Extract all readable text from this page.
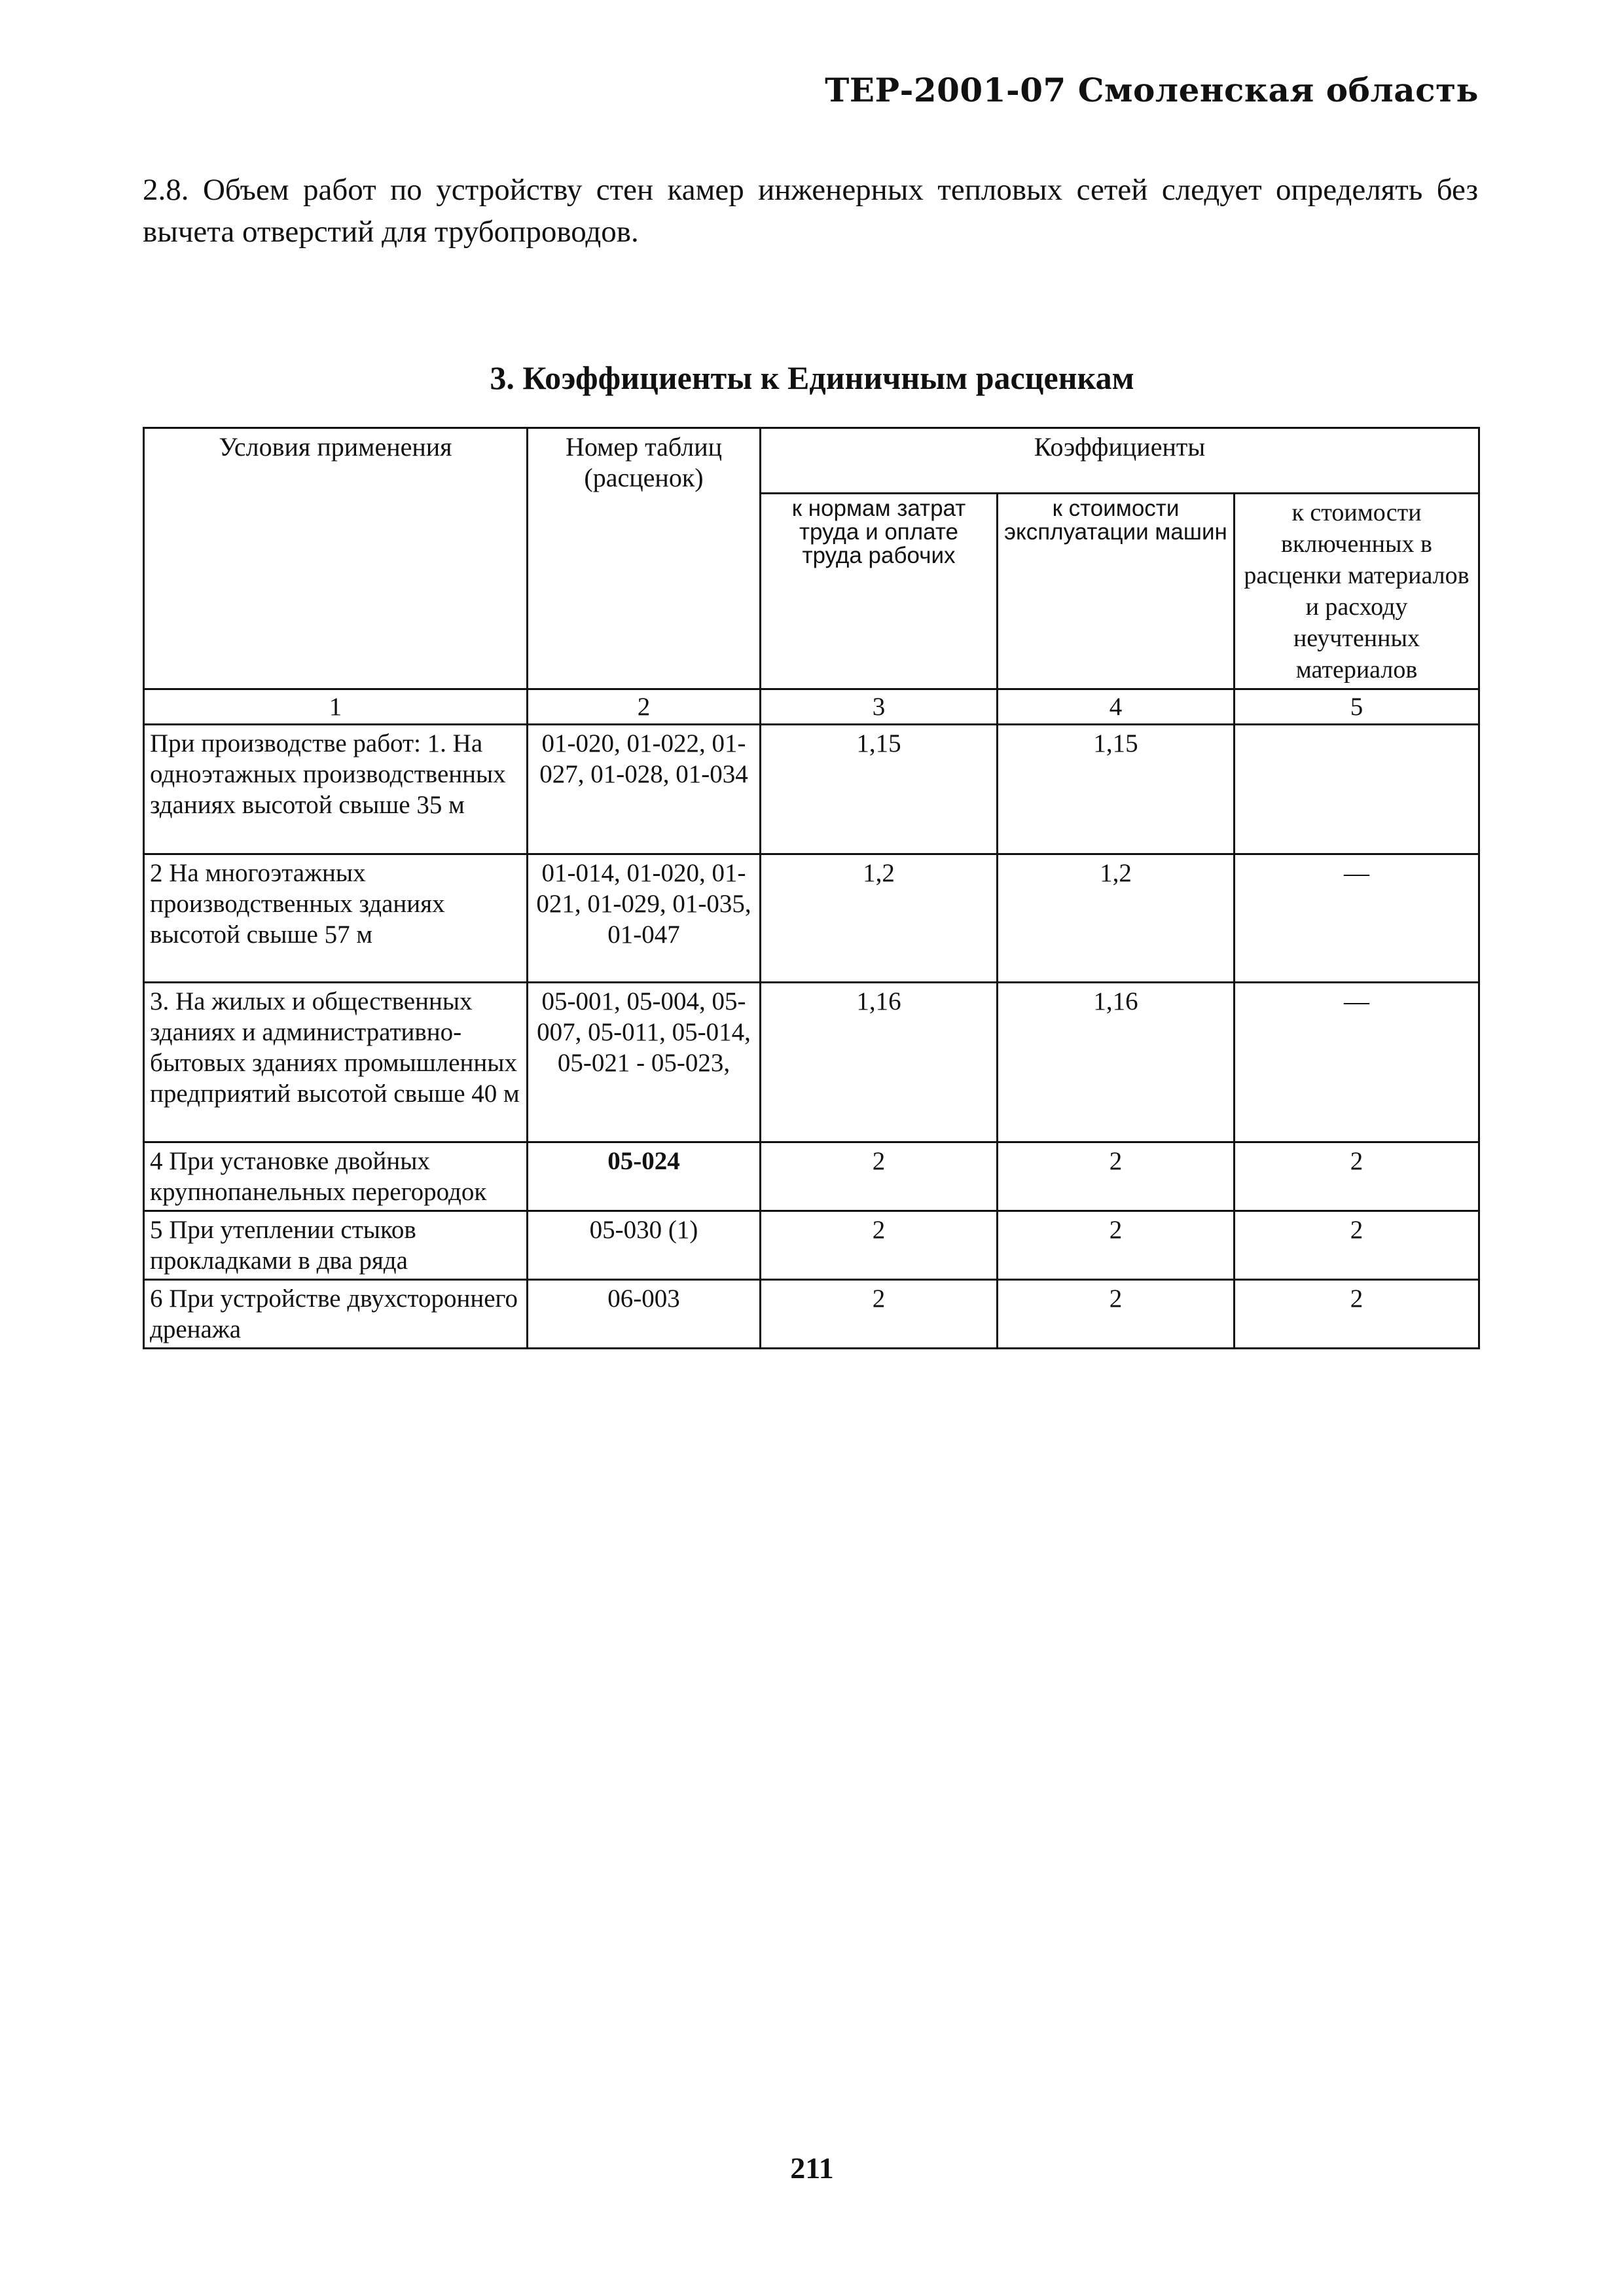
ТЕР-2001-07 Смоленская область
2.8. Объем работ по устройству стен камер инженерных тепловых сетей следует определять без вычета отверстий для трубопроводов.
3. Коэффициенты к Единичным расценкам
Условия применения	Номер таблиц (расценок)	Коэффициенты		
		к нормам затрат труда и оплате труда рабочих	к стоимости эксплуатации машин	к стоимости включенных в расценки материалов и расходу неучтенных материалов
1	2	3	4	5
При производстве работ: 1. На одноэтажных производственных зданиях высотой свыше 35 м	01-020, 01-022, 01-027, 01-028, 01-034	1,15	1,15	
2 На многоэтажных производственных зданиях высотой свыше 57 м	01-014, 01-020, 01-021, 01-029, 01-035, 01-047	1,2	1,2	—
3. На жилых и общественных зданиях и административно-бытовых зданиях промышленных предприятий высотой свыше 40 м	05-001, 05-004, 05-007, 05-011, 05-014, 05-021 - 05-023,	1,16	1,16	—
4 При установке двойных крупнопанельных перегородок	05-024	2	2	2
5 При утеплении стыков прокладками в два ряда	05-030 (1)	2	2	2
6 При устройстве двухстороннего дренажа	06-003	2	2	2
211
